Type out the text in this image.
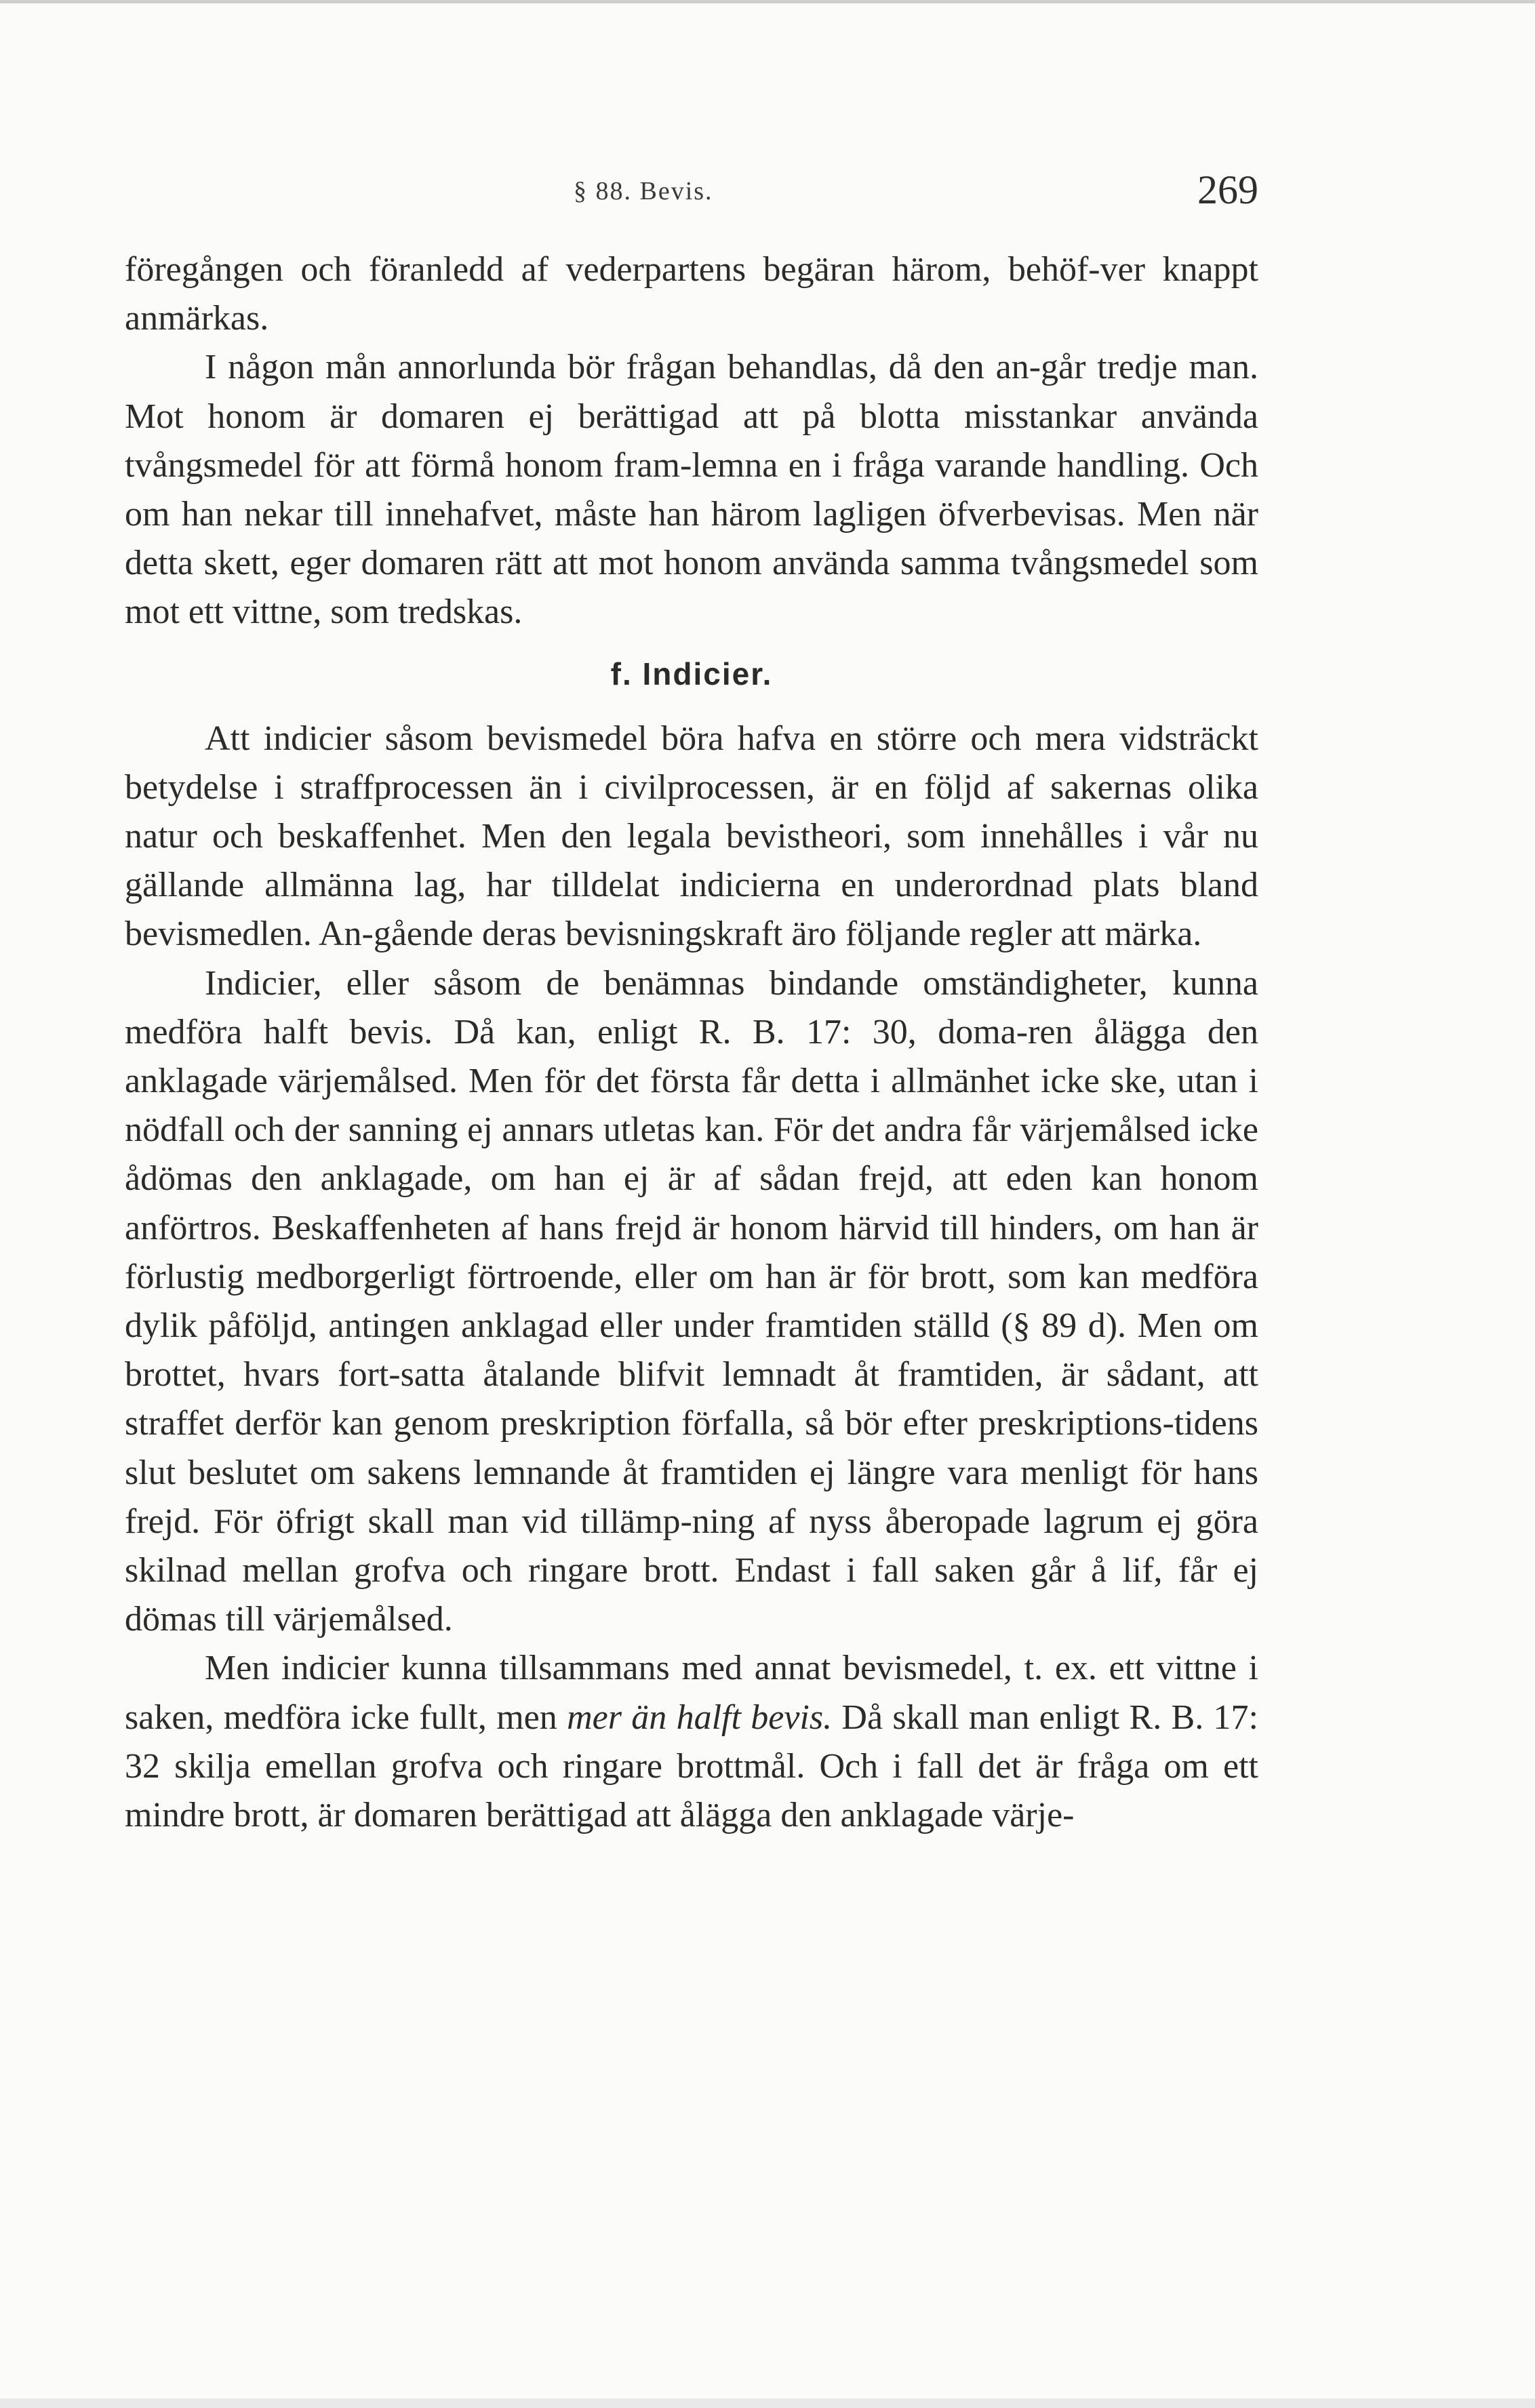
§ 88. Bevis.	269

föregången och föranledd af vederpartens begäran härom, behöf-ver knappt anmärkas.

I någon mån annorlunda bör frågan behandlas, då den an-går tredje man. Mot honom är domaren ej berättigad att på blotta misstankar använda tvångsmedel för att förmå honom fram-lemna en i fråga varande handling. Och om han nekar till innehafvet, måste han härom lagligen öfverbevisas. Men när detta skett, eger domaren rätt att mot honom använda samma tvångsmedel som mot ett vittne, som tredskas.

f. Indicier.

Att indicier såsom bevismedel böra hafva en större och mera vidsträckt betydelse i straffprocessen än i civilprocessen, är en följd af sakernas olika natur och beskaffenhet. Men den legala bevistheori, som innehålles i vår nu gällande allmänna lag, har tilldelat indicierna en underordnad plats bland bevismedlen. An-gående deras bevisningskraft äro följande regler att märka.

Indicier, eller såsom de benämnas bindande omständigheter, kunna medföra halft bevis. Då kan, enligt R. B. 17: 30, doma-ren ålägga den anklagade värjemålsed. Men för det första får detta i allmänhet icke ske, utan i nödfall och der sanning ej annars utletas kan. För det andra får värjemålsed icke ådömas den anklagade, om han ej är af sådan frejd, att eden kan honom anförtros. Beskaffenheten af hans frejd är honom härvid till hinders, om han är förlustig medborgerligt förtroende, eller om han är för brott, som kan medföra dylik påföljd, antingen anklagad eller under framtiden ställd (§ 89 d). Men om brottet, hvars fort-satta åtalande blifvit lemnadt åt framtiden, är sådant, att straffet derför kan genom preskription förfalla, så bör efter preskriptions-tidens slut beslutet om sakens lemnande åt framtiden ej längre vara menligt för hans frejd. För öfrigt skall man vid tillämp-ning af nyss åberopade lagrum ej göra skilnad mellan grofva och ringare brott. Endast i fall saken går å lif, får ej dömas till värjemålsed.

Men indicier kunna tillsammans med annat bevismedel, t. ex. ett vittne i saken, medföra icke fullt, men mer än halft bevis. Då skall man enligt R. B. 17: 32 skilja emellan grofva och ringare brottmål. Och i fall det är fråga om ett mindre brott, är domaren berättigad att ålägga den anklagade värje-
